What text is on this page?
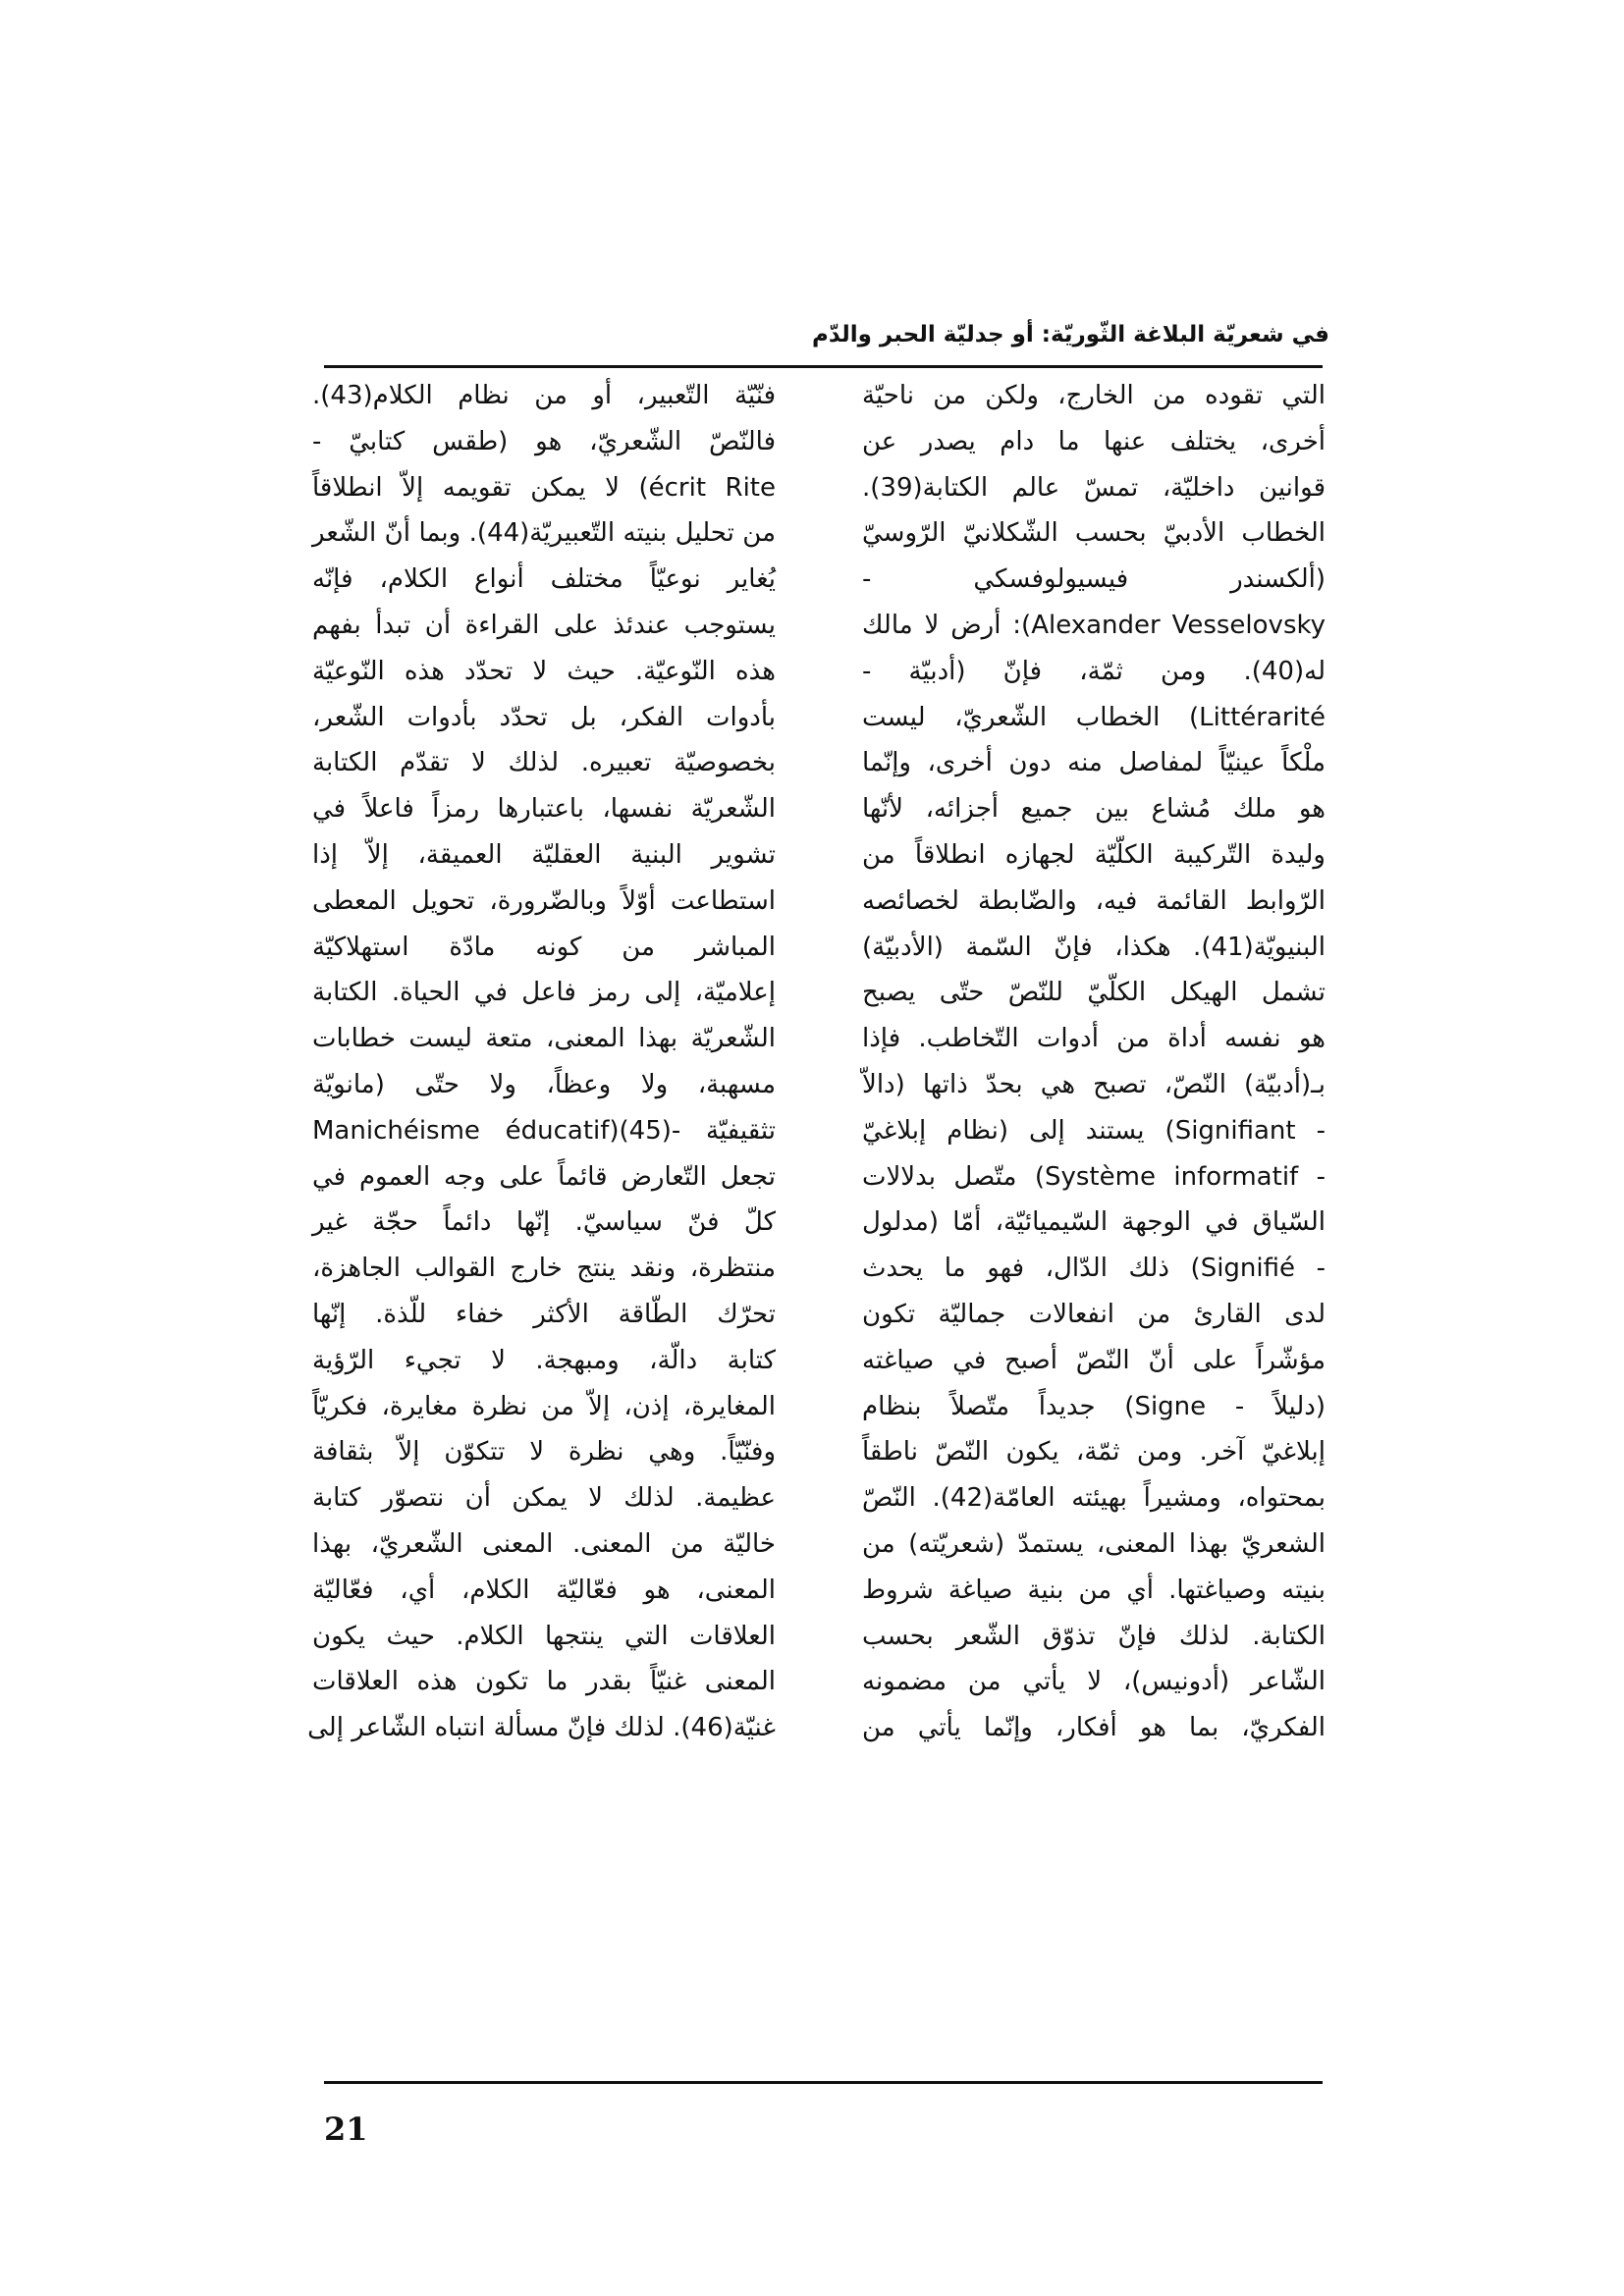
في شعريّة البلاغة الثّوريّة: أو جدليّة الحبر والدّم
التي تقوده من الخارج، ولكن من ناحيّة
أخرى، يختلف عنها ما دام يصدر عن
قوانين داخليّة، تمسّ عالم الكتابة(39).
الخطاب الأدبيّ بحسب الشّكلانيّ الرّوسيّ
(ألكسندر فيسيولوفسكي -
Alexander Vesselovsky): أرض لا مالك
له(40). ومن ثمّة، فإنّ (أدبيّة -
Littérarité) الخطاب الشّعريّ، ليست
ملْكاً عينيّاً لمفاصل منه دون أخرى، وإنّما
هو ملك مُشاع بين جميع أجزائه، لأنّها
وليدة التّركيبة الكلّيّة لجهازه انطلاقاً من
الرّوابط القائمة فيه، والضّابطة لخصائصه
البنيويّة(41). هكذا، فإنّ السّمة (الأدبيّة)
تشمل الهيكل الكلّيّ للنّصّ حتّى يصبح
هو نفسه أداة من أدوات التّخاطب. فإذا
بـ(أدبيّة) النّصّ، تصبح هي بحدّ ذاتها (دالاّ
- Signifiant) يستند إلى (نظام إبلاغيّ
- Système informatif) متّصل بدلالات
السّياق في الوجهة السّيميائيّة، أمّا (مدلول
- Signifié) ذلك الدّال، فهو ما يحدث
لدى القارئ من انفعالات جماليّة تكون
مؤشّراً على أنّ النّصّ أصبح في صياغته
(دليلاً - Signe) جديداً متّصلاً بنظام
إبلاغيّ آخر. ومن ثمّة، يكون النّصّ ناطقاً
بمحتواه، ومشيراً بهيئته العامّة(42). النّصّ
الشعريّ بهذا المعنى، يستمدّ (شعريّته) من
بنيته وصياغتها. أي من بنية صياغة شروط
الكتابة. لذلك فإنّ تذوّق الشّعر بحسب
الشّاعر (أدونيس)، لا يأتي من مضمونه
الفكريّ، بما هو أفكار، وإنّما يأتي من
فنّيّة التّعبير، أو من نظام الكلام(43).
فالنّصّ الشّعريّ، هو (طقس كتابيّ -
écrit Rite) لا يمكن تقويمه إلاّ انطلاقاً
من تحليل بنيته التّعبيريّة(44). وبما أنّ الشّعر
يُغاير نوعيّاً مختلف أنواع الكلام، فإنّه
يستوجب عندئذ على القراءة أن تبدأ بفهم
هذه النّوعيّة. حيث لا تحدّد هذه النّوعيّة
بأدوات الفكر، بل تحدّد بأدوات الشّعر،
بخصوصيّة تعبيره. لذلك لا تقدّم الكتابة
الشّعريّة نفسها، باعتبارها رمزاً فاعلاً في
تشوير البنية العقليّة العميقة، إلاّ إذا
استطاعت أوّلاً وبالضّرورة، تحويل المعطى
المباشر من كونه مادّة استهلاكيّة
إعلاميّة، إلى رمز فاعل في الحياة. الكتابة
الشّعريّة بهذا المعنى، متعة ليست خطابات
مسهبة، ولا وعظاً، ولا حتّى (مانويّة
تثقيفيّة -Manichéisme éducatif)(45)
تجعل التّعارض قائماً على وجه العموم في
كلّ فنّ سياسيّ. إنّها دائماً حجّة غير
منتظرة، ونقد ينتج خارج القوالب الجاهزة،
تحرّك الطّاقة الأكثر خفاء للّذة. إنّها
كتابة دالّة، ومبهجة. لا تجيء الرّؤية
المغايرة، إذن، إلاّ من نظرة مغايرة، فكريّاً
وفنّيّاً. وهي نظرة لا تتكوّن إلاّ بثقافة
عظيمة. لذلك لا يمكن أن نتصوّر كتابة
خاليّة من المعنى. المعنى الشّعريّ، بهذا
المعنى، هو فعّاليّة الكلام، أي، فعّاليّة
العلاقات التي ينتجها الكلام. حيث يكون
المعنى غنيّاً بقدر ما تكون هذه العلاقات
غنيّة(46). لذلك فإنّ مسألة انتباه الشّاعر إلى
21
